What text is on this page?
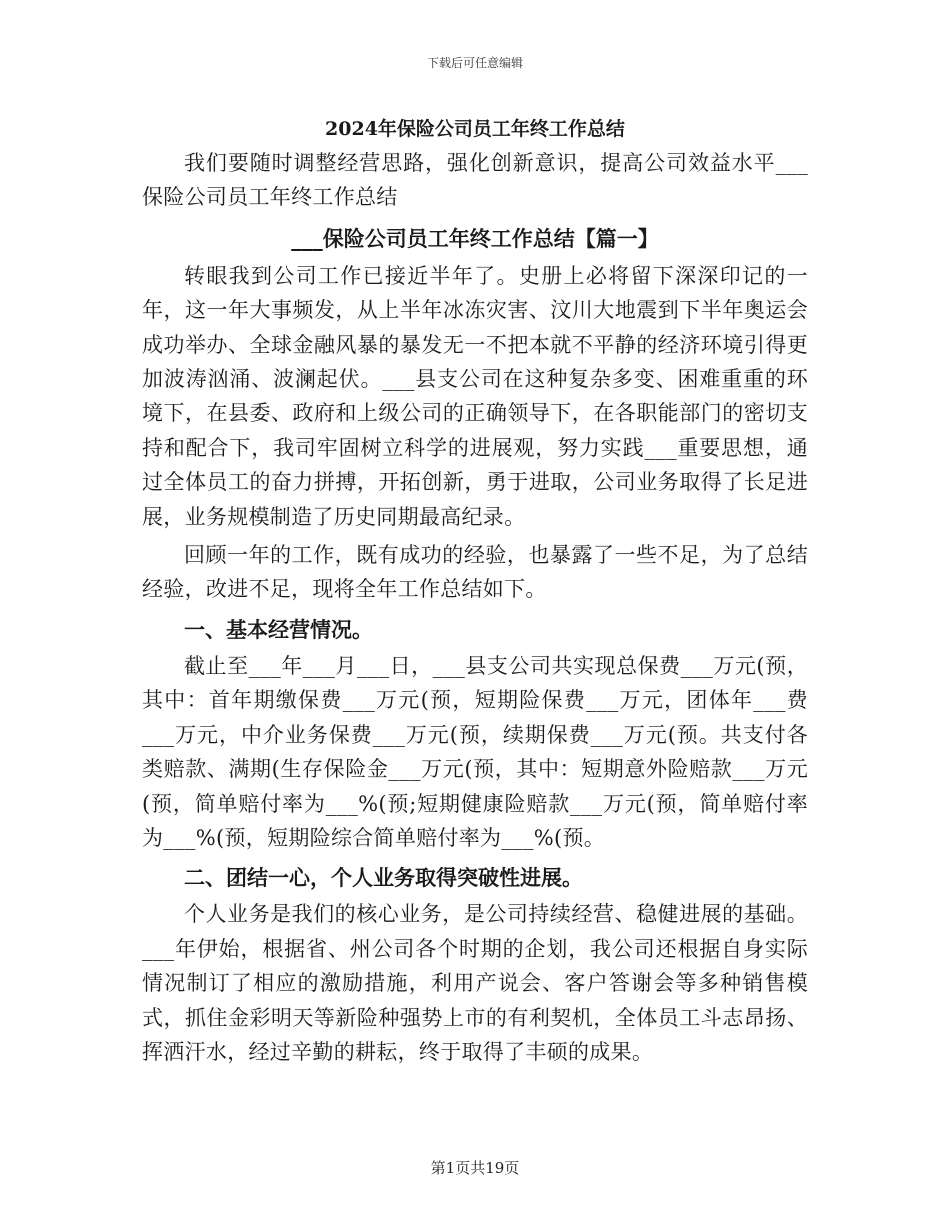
下载后可任意编辑

2024年保险公司员工年终工作总结

我们要随时调整经营思路，强化创新意识，提高公司效益水平___保险公司员工年终工作总结

___保险公司员工年终工作总结【篇一】

转眼我到公司工作已接近半年了。史册上必将留下深深印记的一年，这一年大事频发，从上半年冰冻灾害、汶川大地震到下半年奥运会成功举办、全球金融风暴的暴发无一不把本就不平静的经济环境引得更加波涛汹涌、波澜起伏。___县支公司在这种复杂多变、困难重重的环境下，在县委、政府和上级公司的正确领导下，在各职能部门的密切支持和配合下，我司牢固树立科学的进展观，努力实践___重要思想，通过全体员工的奋力拼搏，开拓创新，勇于进取，公司业务取得了长足进展，业务规模制造了历史同期最高纪录。

回顾一年的工作，既有成功的经验，也暴露了一些不足，为了总结经验，改进不足，现将全年工作总结如下。

一、基本经营情况。

截止至___年___月___日，___县支公司共实现总保费___万元(预，其中：首年期缴保费___万元(预，短期险保费___万元，团体年___费___万元，中介业务保费___万元(预，续期保费___万元(预。共支付各类赔款、满期(生存保险金___万元(预，其中：短期意外险赔款___万元(预，简单赔付率为___%(预;短期健康险赔款___万元(预，简单赔付率为___%(预，短期险综合简单赔付率为___%(预。

二、团结一心，个人业务取得突破性进展。

个人业务是我们的核心业务，是公司持续经营、稳健进展的基础。___年伊始，根据省、州公司各个时期的企划，我公司还根据自身实际情况制订了相应的激励措施，利用产说会、客户答谢会等多种销售模式，抓住金彩明天等新险种强势上市的有利契机，全体员工斗志昂扬、挥洒汗水，经过辛勤的耕耘，终于取得了丰硕的成果。

第1页共19页
